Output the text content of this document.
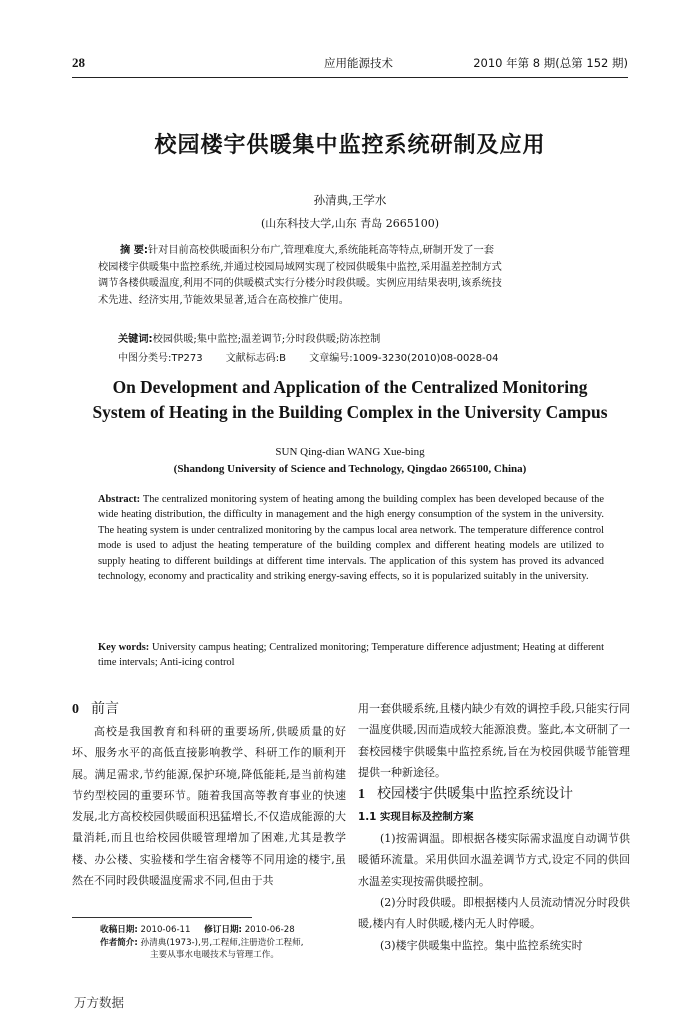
28	应用能源技术	2010 年第 8 期(总第 152 期)
校园楼宇供暖集中监控系统研制及应用
孙清典,王学水
(山东科技大学,山东 青岛 2665100)
摘 要:针对目前高校供暖面积分布广,管理难度大,系统能耗高等特点,研制开发了一套
校园楼宇供暖集中监控系统,并通过校园局域网实现了校园供暖集中监控,采用温差控制方式
调节各楼供暖温度,利用不同的供暖模式实行分楼分时段供暖。实例应用结果表明,该系统技
术先进、经济实用,节能效果显著,适合在高校推广使用。
关键词:校园供暖;集中监控;温差调节;分时段供暖;防冻控制
中图分类号:TP273 文献标志码:B 文章编号:1009-3230(2010)08-0028-04
On Development and Application of the Centralized Monitoring
System of Heating in the Building Complex in the University Campus
SUN Qing-dian WANG Xue-bing
(Shandong University of Science and Technology, Qingdao 2665100, China)
Abstract: The centralized monitoring system of heating among the building complex has been developed because of the wide heating distribution, the difficulty in management and the high energy consumption of the system in the university. The heating system is under centralized monitoring by the campus local area network. The temperature difference control mode is used to adjust the heating temperature of the building complex and different heating models are utilized to supply heating to different buildings at different time intervals. The application of this system has proved its advanced technology, economy and practicality and striking energy-saving effects, so it is popularized suitably in the university.
Key words: University campus heating; Centralized monitoring; Temperature difference adjustment; Heating at different time intervals; Anti-icing control
0 前言

高校是我国教育和科研的重要场所,供暖质量的好坏、服务水平的高低直接影响教学、科研工作的顺利开展。满足需求,节约能源,保护环境,降低能耗,是当前构建节约型校园的重要环节。随着我国高等教育事业的快速发展,北方高校校园供暖面积迅猛增长,不仅造成能源的大量消耗,而且也给校园供暖管理增加了困难,尤其是教学楼、办公楼、实验楼和学生宿舍楼等不同用途的楼宇,虽然在不同时段供暖温度需求不同,但由于共

用一套供暖系统,且楼内缺少有效的调控手段,只能实行同一温度供暖,因而造成较大能源浪费。鉴此,本文研制了一套校园楼宇供暖集中监控系统,旨在为校园供暖节能管理提供一种新途径。

1 校园楼宇供暖集中监控系统设计
1.1 实现目标及控制方案

(1)按需调温。即根据各楼实际需求温度自动调节供暖循环流量。采用供回水温差调节方式,设定不同的供回水温差实现按需供暖控制。

(2)分时段供暖。即根据楼内人员流动情况分时段供暖,楼内有人时供暖,楼内无人时停暖。

(3)楼宇供暖集中监控。集中监控系统实时

收稿日期: 2010-06-11 修订日期: 2010-06-28
作者简介: 孙清典(1973-),男,工程师,注册造价工程师,
主要从事水电暖技术与管理工作。
万方数据
